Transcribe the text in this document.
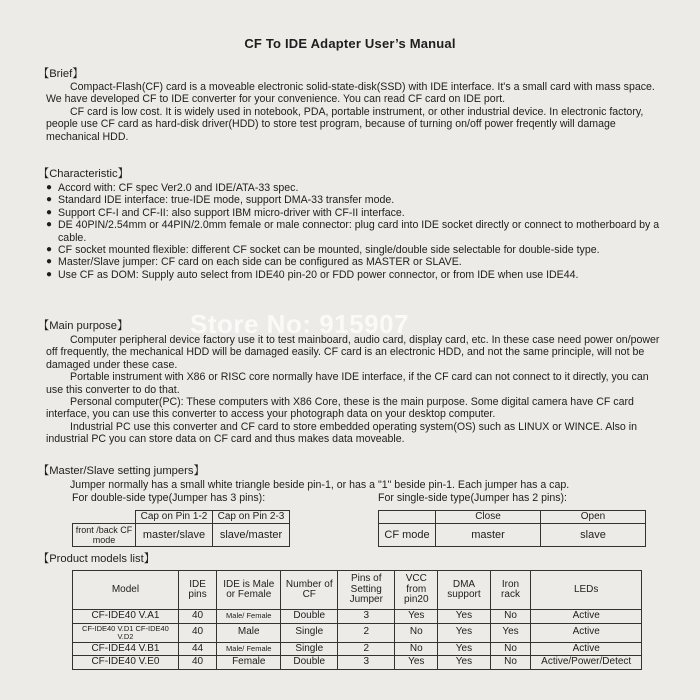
CF To IDE Adapter User’s Manual
【Brief】

Compact-Flash(CF) card is a moveable electronic solid-state-disk(SSD) with IDE interface. It's a small card with mass space. We have developed CF to IDE converter for your convenience. You can read CF card on IDE port.

CF card is low cost. It is widely used in notebook, PDA, portable instrument, or other industrial device. In electronic factory, people use CF card as hard-disk driver(HDD) to store test program, because of turning on/off power freqently will damage mechanical HDD.

【Characteristic】
● Accord with: CF spec Ver2.0 and IDE/ATA-33 spec.
● Standard IDE interface: true-IDE mode, support DMA-33 transfer mode.
● Support CF-I and CF-II: also support IBM micro-driver with CF-II interface.
● DE 40PIN/2.54mm or 44PIN/2.0mm female or male connector: plug card into IDE socket directly or connect to motherboard by a cable.
● CF socket mounted flexible: different CF socket can be mounted, single/double side selectable for double-side type.
● Master/Slave jumper: CF card on each side can be configured as MASTER or SLAVE.
● Use CF as DOM: Supply auto select from IDE40 pin-20 or FDD power connector, or from IDE when use IDE44.
【Main purpose】

Computer peripheral device factory use it to test mainboard, audio card, display card, etc. In these case need power on/power off frequently, the mechanical HDD will be damaged easily. CF card is an electronic HDD, and not the same principle, will not be damaged under these case.

Portable instrument with X86 or RISC core normally have IDE interface, if the CF card can not connect to it directly, you can use this converter to do that.

Personal computer(PC): These computers with X86 Core, these is the main purpose. Some digital camera have CF card interface, you can use this converter to access your photograph data on your desktop computer.

Industrial PC use this converter and CF card to store embedded operating system(OS) such as LINUX or WINCE. Also in industrial PC you can store data on CF card and thus makes data moveable.

【Master/Slave setting jumpers】

Jumper normally has a small white triangle beside pin-1, or has a "1" beside pin-1. Each jumper has a cap.

For double-side type(Jumper has 3 pins):	For single-side type(Jumper has 2 pins):
	Cap on Pin 1-2	Cap on Pin 2-3
front /back CF mode	master/slave	slave/master
	Close	Open
CF mode	master	slave
【Product models list】
Model	IDE pins	IDE is Male or Female	Number of CF	Pins of Setting Jumper	VCC from pin20	DMA support	Iron rack	LEDs
CF-IDE40 V.A1	40	Male/ Female	Double	3	Yes	Yes	No	Active
CF-IDE40 V.D1 CF-IDE40 V.D2	40	Male	Single	2	No	Yes	Yes	Active
CF-IDE44 V.B1	44	Male/ Female	Single	2	No	Yes	No	Active
CF-IDE40 V.E0	40	Female	Double	3	Yes	Yes	No	Active/Power/Detect
Store No: 915907
